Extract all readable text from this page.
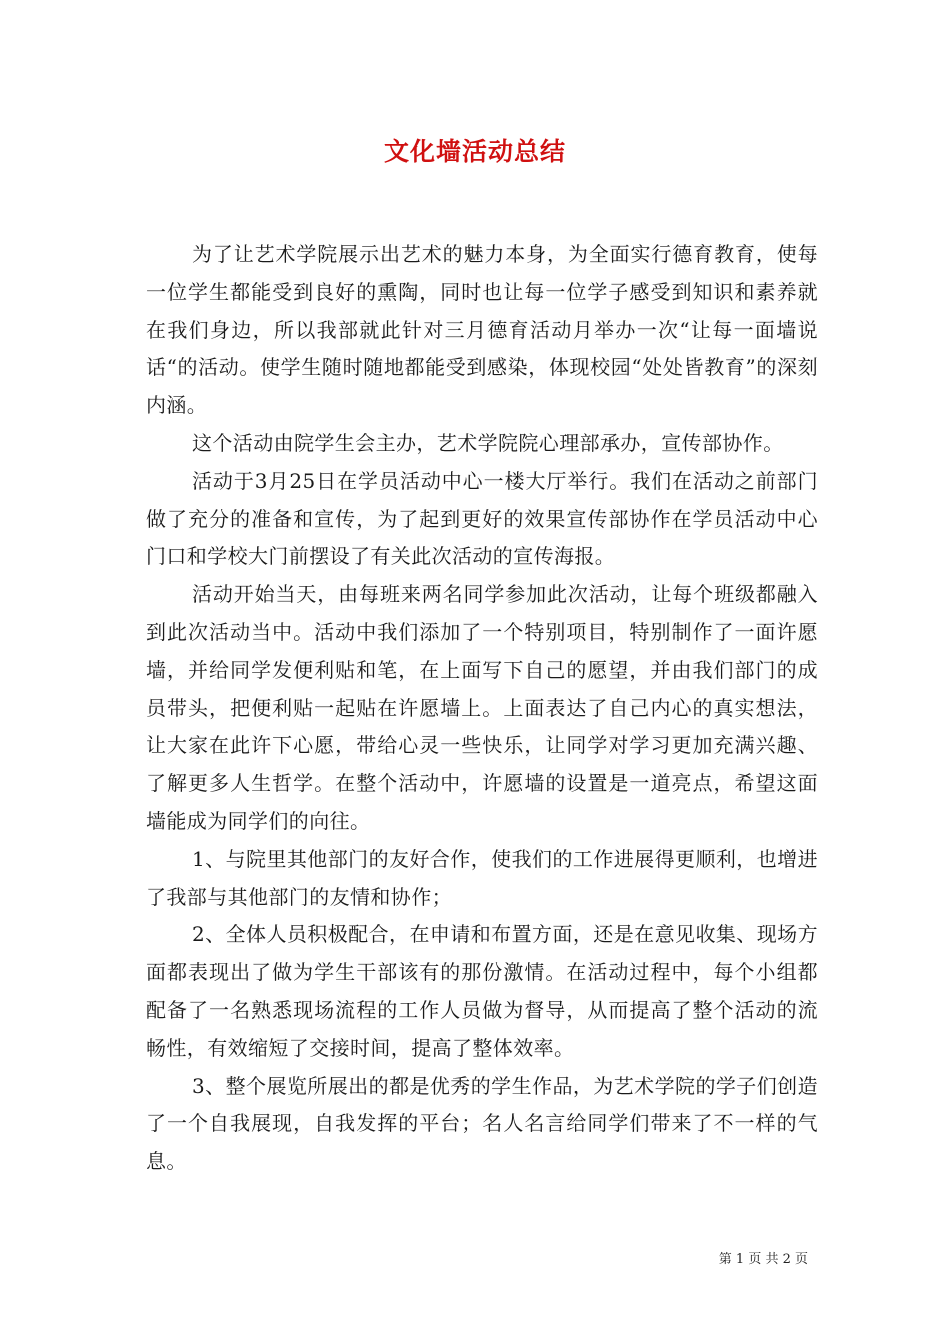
文化墙活动总结

为了让艺术学院展示出艺术的魅力本身，为全面实行德育教育，使每一位学生都能受到良好的熏陶，同时也让每一位学子感受到知识和素养就在我们身边，所以我部就此针对三月德育活动月举办一次“让每一面墙说话“的活动。使学生随时随地都能受到感染，体现校园“处处皆教育”的深刻内涵。

这个活动由院学生会主办，艺术学院院心理部承办，宣传部协作。

活动于3月25日在学员活动中心一楼大厅举行。我们在活动之前部门做了充分的准备和宣传，为了起到更好的效果宣传部协作在学员活动中心门口和学校大门前摆设了有关此次活动的宣传海报。

活动开始当天，由每班来两名同学参加此次活动，让每个班级都融入到此次活动当中。活动中我们添加了一个特别项目，特别制作了一面许愿墙，并给同学发便利贴和笔，在上面写下自己的愿望，并由我们部门的成员带头，把便利贴一起贴在许愿墙上。上面表达了自己内心的真实想法，让大家在此许下心愿，带给心灵一些快乐，让同学对学习更加充满兴趣、了解更多人生哲学。在整个活动中，许愿墙的设置是一道亮点，希望这面墙能成为同学们的向往。

1、与院里其他部门的友好合作，使我们的工作进展得更顺利，也增进了我部与其他部门的友情和协作；

2、全体人员积极配合，在申请和布置方面，还是在意见收集、现场方面都表现出了做为学生干部该有的那份激情。在活动过程中，每个小组都配备了一名熟悉现场流程的工作人员做为督导，从而提高了整个活动的流畅性，有效缩短了交接时间，提高了整体效率。

3、整个展览所展出的都是优秀的学生作品，为艺术学院的学子们创造了一个自我展现，自我发挥的平台；名人名言给同学们带来了不一样的气息。

第 1 页 共 2 页
